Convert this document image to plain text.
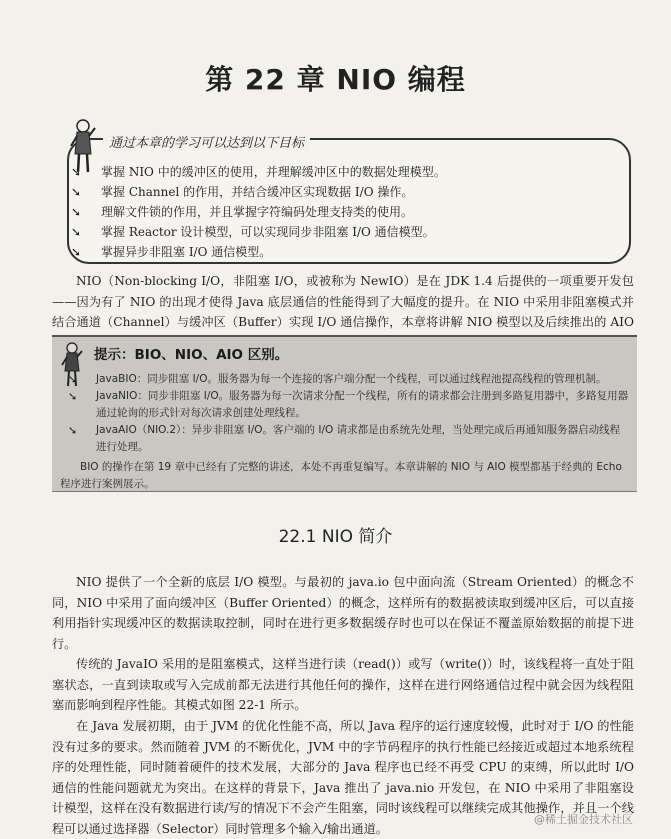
第 22 章 NIO 编程
通过本章的学习可以达到以下目标
➘ 掌握 NIO 中的缓冲区的使用，并理解缓冲区中的数据处理模型。
➘ 掌握 Channel 的作用，并结合缓冲区实现数据 I/O 操作。
➘ 理解文件锁的作用，并且掌握字符编码处理支持类的使用。
➘ 掌握 Reactor 设计模型，可以实现同步非阻塞 I/O 通信模型。
➘ 掌握异步非阻塞 I/O 通信模型。

NIO（Non-blocking I/O，非阻塞 I/O，或被称为 NewIO）是在 JDK 1.4 后提供的一项重要开发包——因为有了 NIO 的出现才使得 Java 底层通信的性能得到了大幅度的提升。在 NIO 中采用非阻塞模式并结合通道（Channel）与缓冲区（Buffer）实现 I/O 通信操作，本章将讲解 NIO 模型以及后续推出的 AIO

提示：BIO、NIO、AIO 区别。
➘ JavaBIO：同步阻塞 I/O。服务器为每一个连接的客户端分配一个线程，可以通过线程池提高线程的管理机制。
➘ JavaNIO：同步非阻塞 I/O。服务器为每一次请求分配一个线程，所有的请求都会注册到多路复用器中，多路复用器通过轮询的形式针对每次请求创建处理线程。
➘ JavaAIO（NIO.2）：异步非阻塞 I/O。客户端的 I/O 请求都是由系统先处理，当处理完成后再通知服务器启动线程进行处理。
BIO 的操作在第 19 章中已经有了完整的讲述，本处不再重复编写。本章讲解的 NIO 与 AIO 模型都基于经典的 Echo 程序进行案例展示。
22.1 NIO 简介

NIO 提供了一个全新的底层 I/O 模型。与最初的 java.io 包中面向流（Stream Oriented）的概念不同，NIO 中采用了面向缓冲区（Buffer Oriented）的概念，这样所有的数据被读取到缓冲区后，可以直接利用指针实现缓冲区的数据读取控制，同时在进行更多数据缓存时也可以在保证不覆盖原始数据的前提下进行。

传统的 JavaIO 采用的是阻塞模式，这样当进行读（read()）或写（write()）时，该线程将一直处于阻塞状态，一直到读取或写入完成前都无法进行其他任何的操作，这样在进行网络通信过程中就会因为线程阻塞而影响到程序性能。其模式如图 22-1 所示。

在 Java 发展初期，由于 JVM 的优化性能不高，所以 Java 程序的运行速度较慢，此时对于 I/O 的性能没有过多的要求。然而随着 JVM 的不断优化，JVM 中的字节码程序的执行性能已经接近或超过本地系统程序的处理性能，同时随着硬件的技术发展，大部分的 Java 程序也已经不再受 CPU 的束缚，所以此时 I/O 通信的性能问题就尤为突出。在这样的背景下，Java 推出了 java.nio 开发包，在 NIO 中采用了非阻塞设计模型，这样在没有数据进行读/写的情况下不会产生阻塞，同时该线程可以继续完成其他操作，并且一个线程可以通过选择器（Selector）同时管理多个输入/输出通道。

@稀土掘金技术社区
